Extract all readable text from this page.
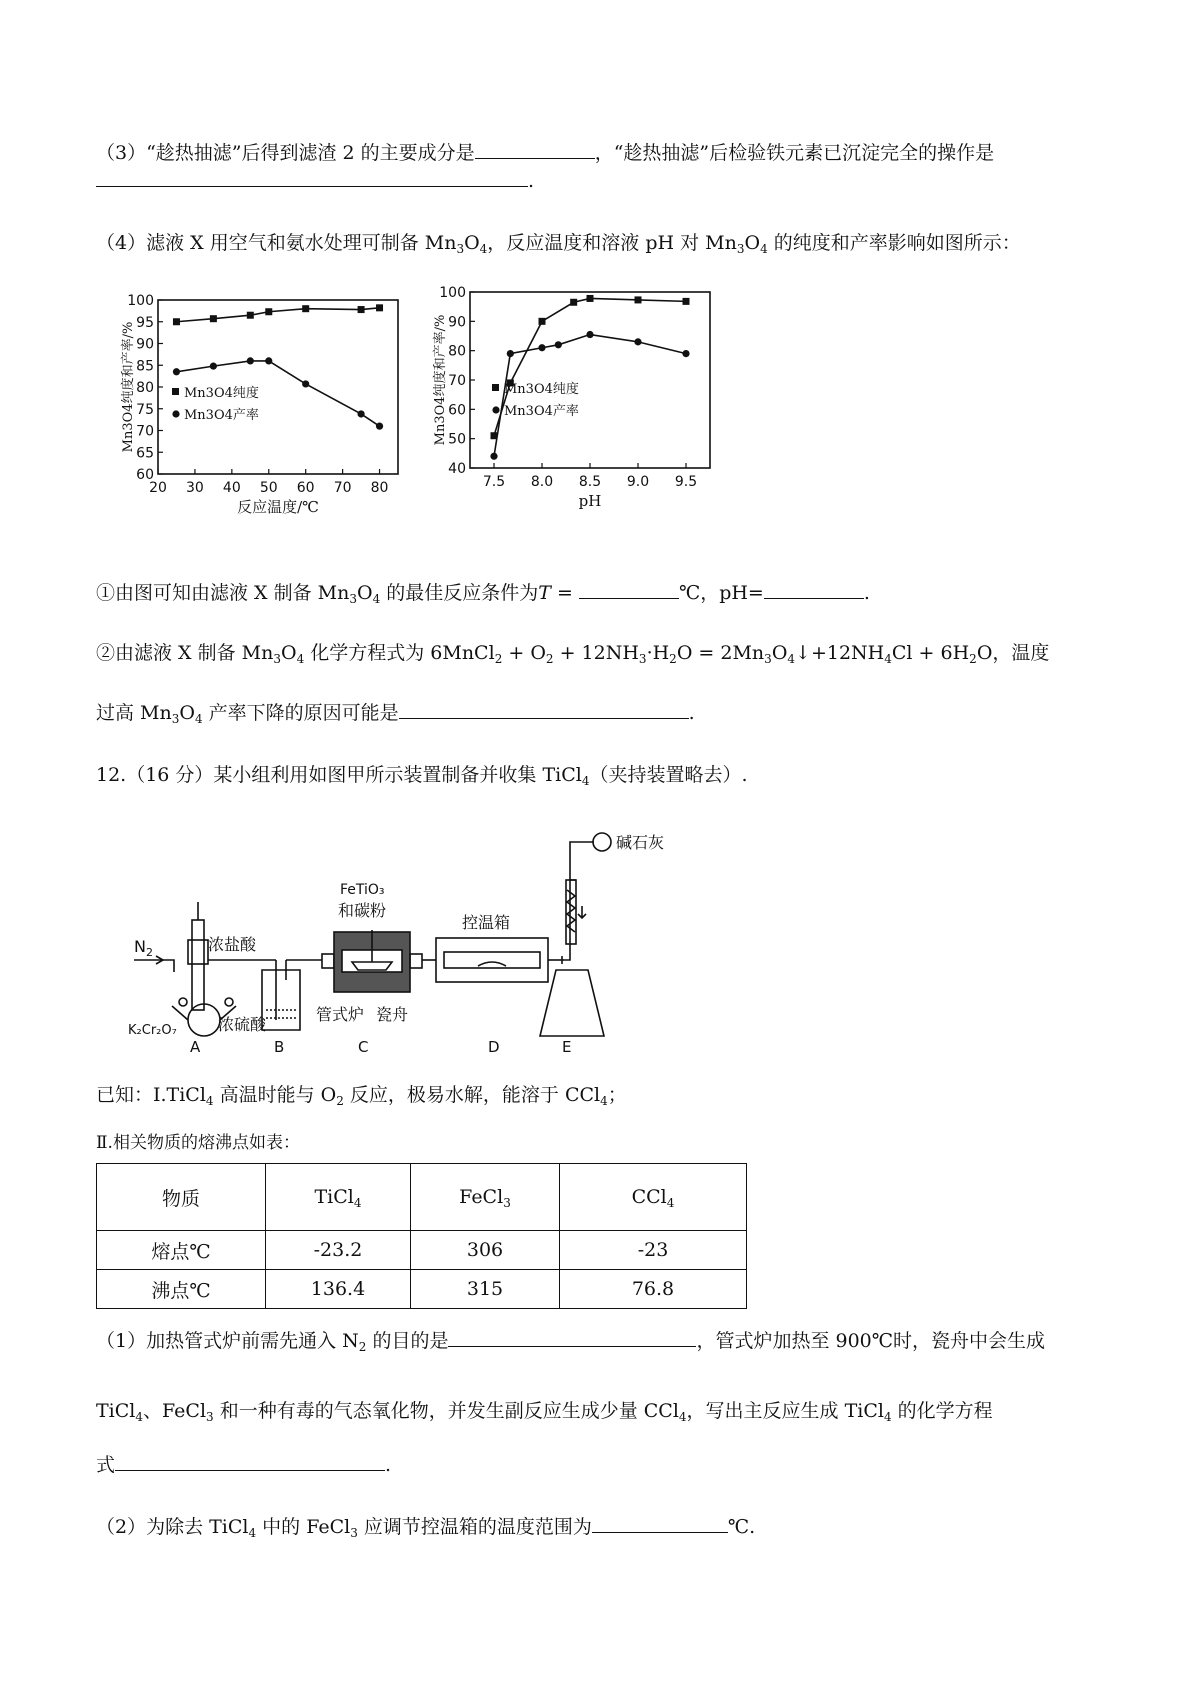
（3）“趁热抽滤”后得到滤渣 2 的主要成分是	，“趁热抽滤”后检验铁元素已沉淀完全的操作是
.
（4）滤液 X 用空气和氨水处理可制备 $Mn_3O_4$，反应温度和溶液 pH 对 $Mn_3O_4$ 的纯度和产率影响如图所示：
20 30 40 50 60 70 80
60
65
70
75
80
85
90
95
100
反应温度/℃
Mn3O4纯度和产率/%	Mn3O4纯度
Mn3O4产率
7.5 8.0 8.5 9.0 9.5
40
50
60
70
80
90
100
pH
Mn3O4纯度和产率/%	Mn3O4纯度
Mn3O4产率
①由图可知由滤液 X 制备 $Mn_3O_4$ 的最佳反应条件为T =	℃，pH=	.
②由滤液 X 制备 $Mn_3O_4$ 化学方程式为 6MnCl$_2$ + $O_2 + 12NH_3\cdot H_2O$ = $2Mn_3O_4↓+12NH_4Cl + 6H_2O$，温度
过高 $Mn_3O_4$ 产率下降的原因可能是	.
12.（16 分）某小组利用如图甲所示装置制备并收集 TiCl$_4$（夹持装置略去）.
$N_2$	浓盐酸
K₂Cr₂O₇	浓硫酸
FeTiO₃
和碳粉
管式炉 瓷舟
控温箱
碱石灰
A	B	C	D	E
已知：Ⅰ.TiCl$_4$ 高温时能与 $O_2$ 反应，极易水解，能溶于 CCl$_4$；
Ⅱ.相关物质的熔沸点如表：
物质	TiCl$_4$	FeCl$_3$	CCl$_4$
熔点℃	-23.2	306	-23
沸点℃	136.4	315	76.8
（1）加热管式炉前需先通入 $N_2$ 的目的是	，管式炉加热至 900℃时，瓷舟中会生成
TiCl$_4$、FeCl$_3$ 和一种有毒的气态氧化物，并发生副反应生成少量 CCl$_4$，写出主反应生成 TiCl$_4$ 的化学方程
式	.
（2）为除去 TiCl$_4$ 中的 FeCl$_3$ 应调节控温箱的温度范围为	℃.
